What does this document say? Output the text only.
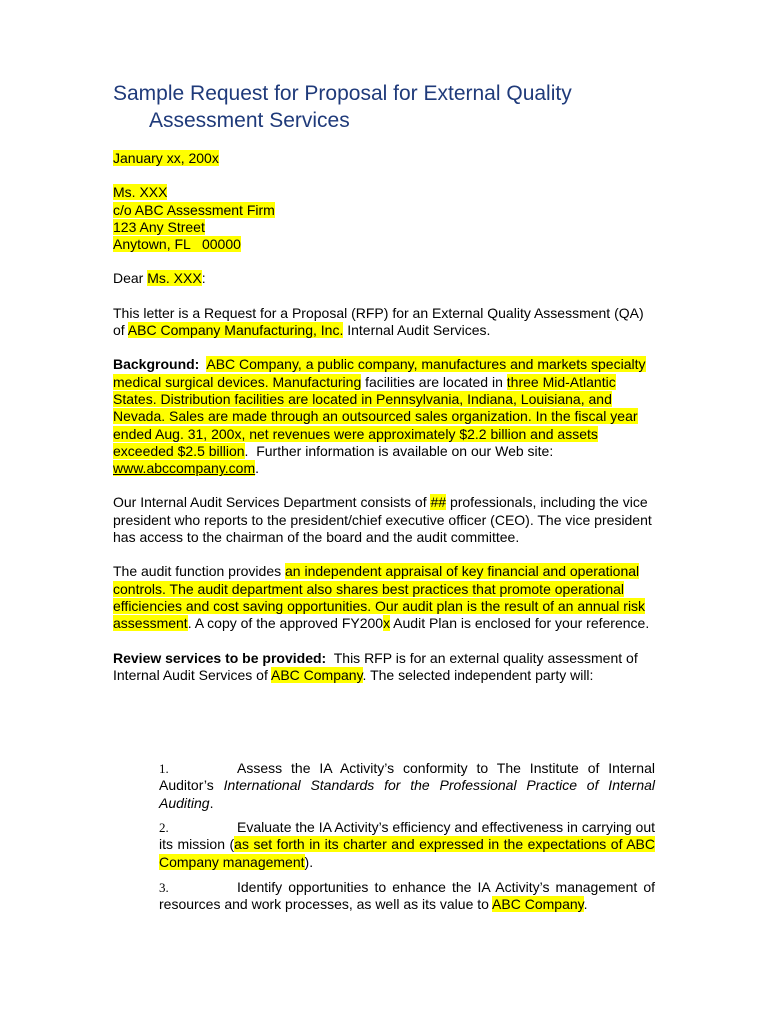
Sample Request for Proposal for External Quality
Assessment Services

January xx, 200x

Ms. XXX

c/o ABC Assessment Firm

123 Any Street

Anytown, FL   00000

Dear Ms. XXX:

This letter is a Request for a Proposal (RFP) for an External Quality Assessment (QA) of ABC Company Manufacturing, Inc. Internal Audit Services.

Background: ABC Company, a public company, manufactures and markets specialty medical surgical devices. Manufacturing facilities are located in three Mid-Atlantic States. Distribution facilities are located in Pennsylvania, Indiana, Louisiana, and Nevada. Sales are made through an outsourced sales organization. In the fiscal year ended Aug. 31, 200x, net revenues were approximately $2.2 billion and assets exceeded $2.5 billion.  Further information is available on our Web site:  www.abccompany.com.

Our Internal Audit Services Department consists of ## professionals, including the vice president who reports to the president/chief executive officer (CEO). The vice president has access to the chairman of the board and the audit committee.

The audit function provides an independent appraisal of key financial and operational controls. The audit department also shares best practices that promote operational efficiencies and cost saving opportunities. Our audit plan is the result of an annual risk assessment. A copy of the approved FY200x Audit Plan is enclosed for your reference.

Review services to be provided:  This RFP is for an external quality assessment of Internal Audit Services of ABC Company. The selected independent party will:

1.	Assess the IA Activity’s conformity to The Institute of Internal Auditor’s International Standards for the Professional Practice of Internal Auditing.
2.	Evaluate the IA Activity’s efficiency and effectiveness in carrying out its mission (as set forth in its charter and expressed in the expectations of ABC Company management).
3.	Identify opportunities to enhance the IA Activity’s management of resources and work processes, as well as its value to ABC Company.
